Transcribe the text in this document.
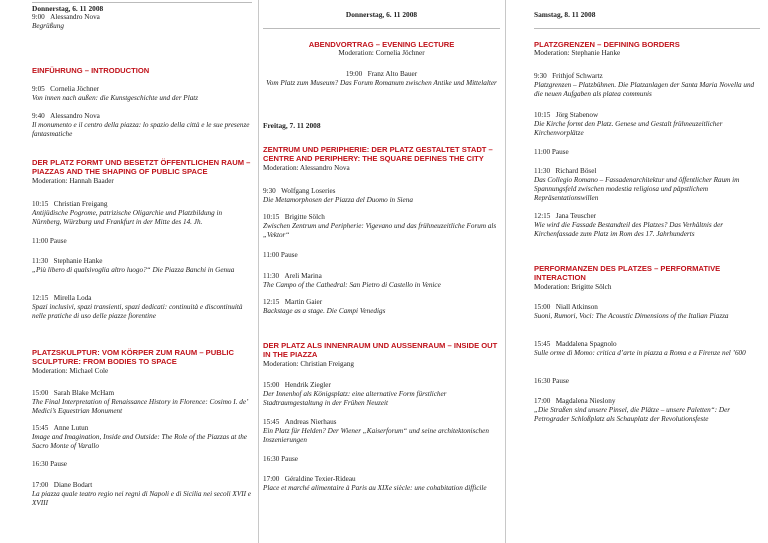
Donnerstag, 6. 11 2008
9:00 Alessandro Nova
Begrüßung
EINFÜHRUNG – INTRODUCTION
9:05 Cornelia Jöchner
Von innen nach außen: die Kunstgeschichte und der Platz
9:40 Alessandro Nova
Il monumento e il centro della piazza: lo spazio della città e le sue presenze fantasmatiche
DER PLATZ FORMT UND BESETZT ÖFFENTLICHEN RAUM – PIAZZAS AND THE SHAPING OF PUBLIC SPACE
Moderation: Hannah Baader
10:15 Christian Freigang
Antijüdische Pogrome, patrizische Oligarchie und Platzbildung in Nürnberg, Würzburg und Frankfurt in der Mitte des 14. Jh.
11:00 Pause
11:30 Stephanie Hanke
„Più libero di qualsivoglia altro luogo?“ Die Piazza Banchi in Genua
12:15 Mirella Loda
Spazi inclusivi, spazi transienti, spazi dedicati: continuità e discontinuità nelle pratiche di uso delle piazze fiorentine
PLATZSKULPTUR: VOM KÖRPER ZUM RAUM – PUBLIC SCULPTURE: FROM BODIES TO SPACE
Moderation: Michael Cole
15:00 Sarah Blake McHam
The Final Interpretation of Renaissance History in Florence: Cosimo I. de’ Medici’s Equestrian Monument
15:45 Anne Lutun
Image and Imagination, Inside and Outside: The Role of the Piazzas at the Sacro Monte of Varallo
16:30 Pause
17:00 Diane Bodart
La piazza quale teatro regio nei regni di Napoli e di Sicilia nei secoli XVII e XVIII
Donnerstag, 6. 11 2008
ABENDVORTRAG – EVENING LECTURE
Moderation: Cornelia Jöchner
19:00 Franz Alto Bauer
Vom Platz zum Museum? Das Forum Romanum zwischen Antike und Mittelalter
Freitag, 7. 11 2008
ZENTRUM UND PERIPHERIE: DER PLATZ GESTALTET STADT – CENTRE AND PERIPHERY: THE SQUARE DEFINES THE CITY
Moderation: Alessandro Nova
9:30 Wolfgang Loseries
Die Metamorphosen der Piazza del Duomo in Siena
10:15 Brigitte Sölch
Zwischen Zentrum und Peripherie: Vigevano und das frühneuzeitliche Forum als „Vektor“
11:00 Pause
11:30 Areli Marina
The Campo of the Cathedral: San Pietro di Castello in Venice
12:15 Martin Gaier
Backstage as a stage. Die Campi Venedigs
DER PLATZ ALS INNENRAUM UND AUSSENRAUM – INSIDE OUT IN THE PIAZZA
Moderation: Christian Freigang
15:00 Hendrik Ziegler
Der Innenhof als Königsplatz: eine alternative Form fürstlicher Stadtraumgestaltung in der Frühen Neuzeit
15:45 Andreas Nierhaus
Ein Platz für Helden? Der Wiener „Kaiserforum“ und seine architektonischen Inszenierungen
16:30 Pause
17:00 Géraldine Texier-Rideau
Place et marché alimentaire à Paris au XIXe siècle: une cohabitation difficile
Samstag, 8. 11 2008
PLATZGRENZEN – DEFINING BORDERS
Moderation: Stephanie Hanke
9:30 Frithjof Schwartz
Platzgrenzen – Platzbühnen. Die Platzanlagen der Santa Maria Novella und die neuen Aufgaben als platea communis
10:15 Jörg Stabenow
Die Kirche formt den Platz. Genese und Gestalt frühneuzeitlicher Kirchenvorplätze
11:00 Pause
11:30 Richard Bösel
Das Collegio Romano – Fassadenarchitektur und öffentlicher Raum im Spannungsfeld zwischen modestia religiosa und päpstlichem Repräsentationswillen
12:15 Jana Teuscher
Wie wird die Fassade Bestandteil des Platzes? Das Verhältnis der Kirchenfassade zum Platz im Rom des 17. Jahrhunderts
PERFORMANZEN DES PLATZES – PERFORMATIVE INTERACTION
Moderation: Brigitte Sölch
15:00 Niall Atkinson
Suoni, Rumori, Voci: The Acoustic Dimensions of the Italian Piazza
15:45 Maddalena Spagnolo
Sulle orme di Momo: critica d’arte in piazza a Roma e a Firenze nel ’600
16:30 Pause
17:00 Magdalena Nieslony
„Die Straßen sind unsere Pinsel, die Plätze – unsere Paletten“: Der Petrograder Schloßplatz als Schauplatz der Revolutionsfeste
